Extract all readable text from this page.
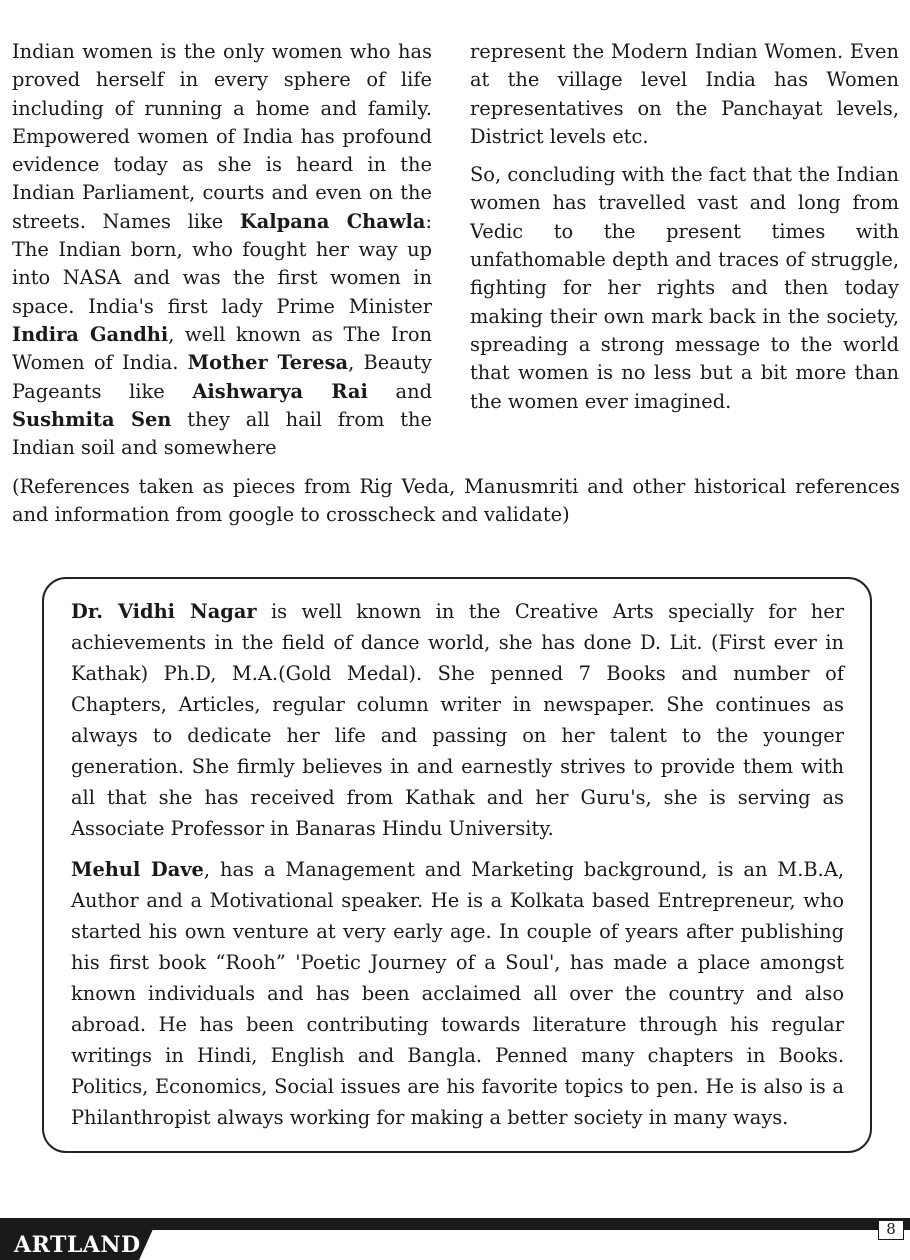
Indian women is the only women who has proved herself in every sphere of life including of running a home and family. Empowered women of India has profound evidence today as she is heard in the Indian Parliament, courts and even on the streets. Names like Kalpana Chawla: The Indian born, who fought her way up into NASA and was the first women in space. India's first lady Prime Minister Indira Gandhi, well known as The Iron Women of India. Mother Teresa, Beauty Pageants like Aishwarya Rai and Sushmita Sen they all hail from the Indian soil and somewhere

represent the Modern Indian Women. Even at the village level India has Women representatives on the Panchayat levels, District levels etc.

So, concluding with the fact that the Indian women has travelled vast and long from Vedic to the present times with unfathomable depth and traces of struggle, fighting for her rights and then today making their own mark back in the society, spreading a strong message to the world that women is no less but a bit more than the women ever imagined.

(References taken as pieces from Rig Veda, Manusmriti and other historical references and information from google to crosscheck and validate)

Dr. Vidhi Nagar is well known in the Creative Arts specially for her achievements in the field of dance world, she has done D. Lit. (First ever in Kathak) Ph.D, M.A.(Gold Medal). She penned 7 Books and number of Chapters, Articles, regular column writer in newspaper. She continues as always to dedicate her life and passing on her talent to the younger generation. She firmly believes in and earnestly strives to provide them with all that she has received from Kathak and her Guru's, she is serving as Associate Professor in Banaras Hindu University.

Mehul Dave, has a Management and Marketing background, is an M.B.A, Author and a Motivational speaker. He is a Kolkata based Entrepreneur, who started his own venture at very early age. In couple of years after publishing his first book “Rooh” 'Poetic Journey of a Soul', has made a place amongst known individuals and has been acclaimed all over the country and also abroad. He has been contributing towards literature through his regular writings in Hindi, English and Bangla. Penned many chapters in Books. Politics, Economics, Social issues are his favorite topics to pen. He is also is a Philanthropist always working for making a better society in many ways.

ARTLAND
8
